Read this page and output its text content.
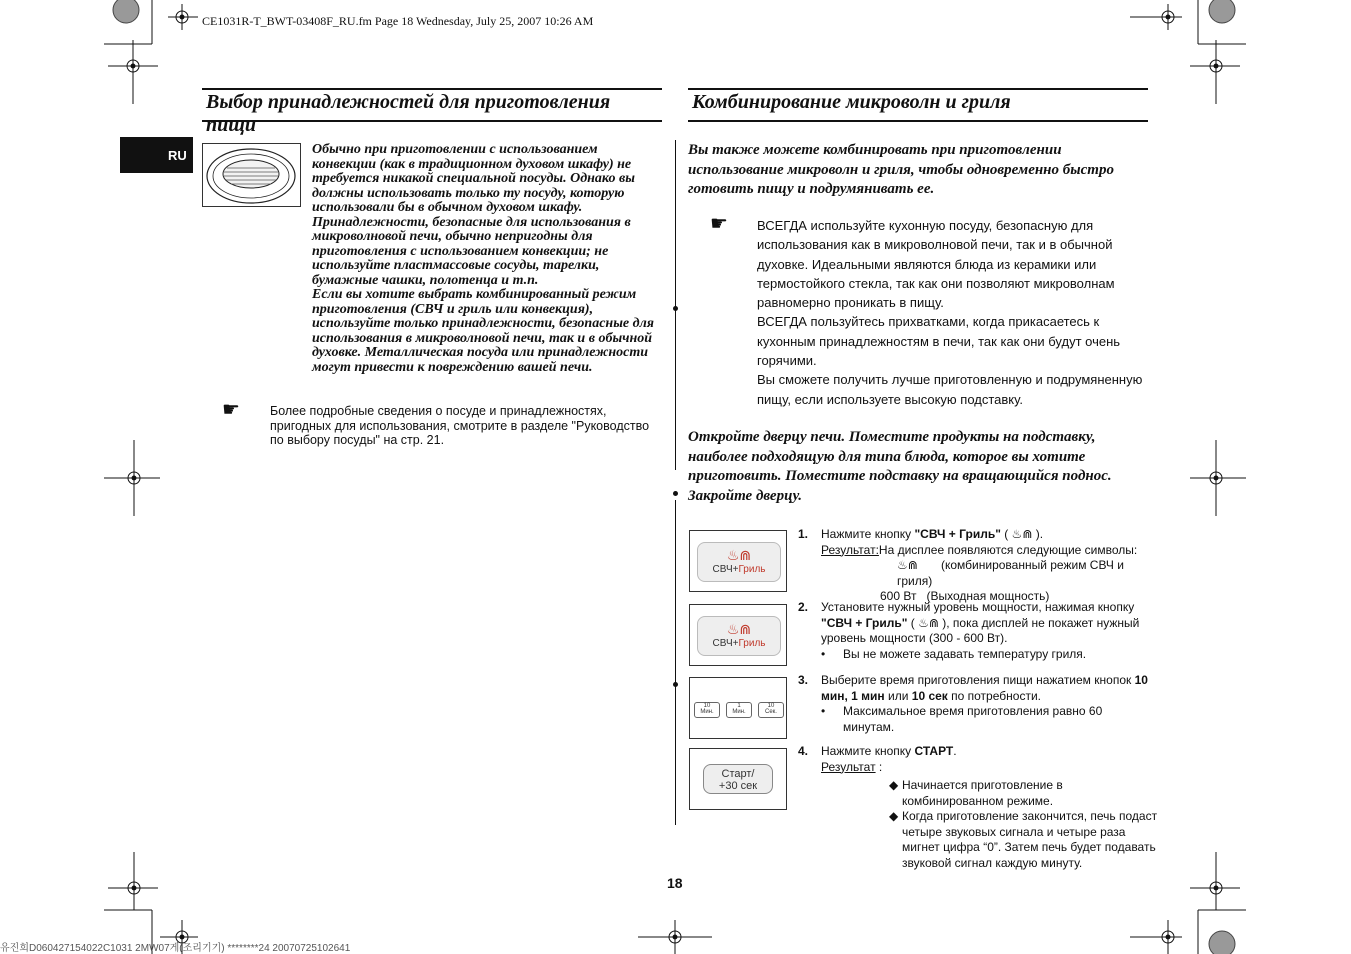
CE1031R-T_BWT-03408F_RU.fm Page 18 Wednesday, July 25, 2007 10:26 AM
RU
Выбор принадлежностей для приготовления пищи

Обычно при приготовлении с использованием конвекции (как в традиционном духовом шкафу) не требуется никакой специальной посуды. Однако вы должны использовать только ту посуду, которую использовали бы в обычном духовом шкафу.

Принадлежности, безопасные для использования в микроволновой печи, обычно непригодны для приготовления с использованием конвекции; не используйте пластмассовые сосуды, тарелки, бумажные чашки, полотенца и т.п.

Если вы хотите выбрать комбинированный режим приготовления (СВЧ и гриль или конвекция), используйте только принадлежности, безопасные для использования в микроволновой печи, так и в обычной духовке. Металлическая посуда или принадлежности могут привести к повреждению вашей печи.

☛ Более подробные сведения о посуде и принадлежностях, пригодных для использования, смотрите в разделе "Руководство по выбору посуды" на стр. 21.
Комбинирование микроволн и гриля
Вы также можете комбинировать при приготовлении использование микроволн и гриля, чтобы одновременно быстро готовить пищу и подрумянивать ее.
☛ ВСЕГДА используйте кухонную посуду, безопасную для использования как в микроволновой печи, так и в обычной духовке. Идеальными являются блюда из керамики или термостойкого стекла, так как они позволяют микроволнам равномерно проникать в пищу.

ВСЕГДА пользуйтесь прихватками, когда прикасаетесь к кухонным принадлежностям в печи, так как они будут очень горячими.

Вы сможете получить лучше приготовленную и подрумяненную пищу, если используете высокую подставку.

Откройте дверцу печи. Поместите продукты на подставку, наиболее подходящую для типа блюда, которое вы хотите приготовить. Поместите подставку на вращающийся поднос. Закройте дверцу.
♨⋒
СВЧ+Гриль
♨⋒
СВЧ+Гриль
10
Мин.
1
Мин.
10
Сек.
Старт/
+30 сек
1. Нажмите кнопку "СВЧ + Гриль" ( ♨⋒ ).
Результат:На дисплее появляются следующие символы:
♨⋒ (комбинированный режим СВЧ и гриля)
600 Вт (Выходная мощность)
2. Установите нужный уровень мощности, нажимая кнопку "СВЧ + Гриль" ( ♨⋒ ), пока дисплей не покажет нужный уровень мощности (300 - 600 Вт).
• Вы не можете задавать температуру гриля.
3. Выберите время приготовления пищи нажатием кнопок 10 мин, 1 мин или 10 сек по потребности.
• Максимальное время приготовления равно 60 минутам.
4. Нажмите кнопку СТАРТ.
Результат :
◆ Начинается приготовление в комбинированном режиме.
◆ Когда приготовление закончится, печь подаст четыре звуковых сигнала и четыре раза мигнет цифра “0”. Затем печь будет подавать звуковой сигнал каждую минуту.
18
유진희D060427154022C1031 2MW07게(조리기기) ********24 20070725102641
